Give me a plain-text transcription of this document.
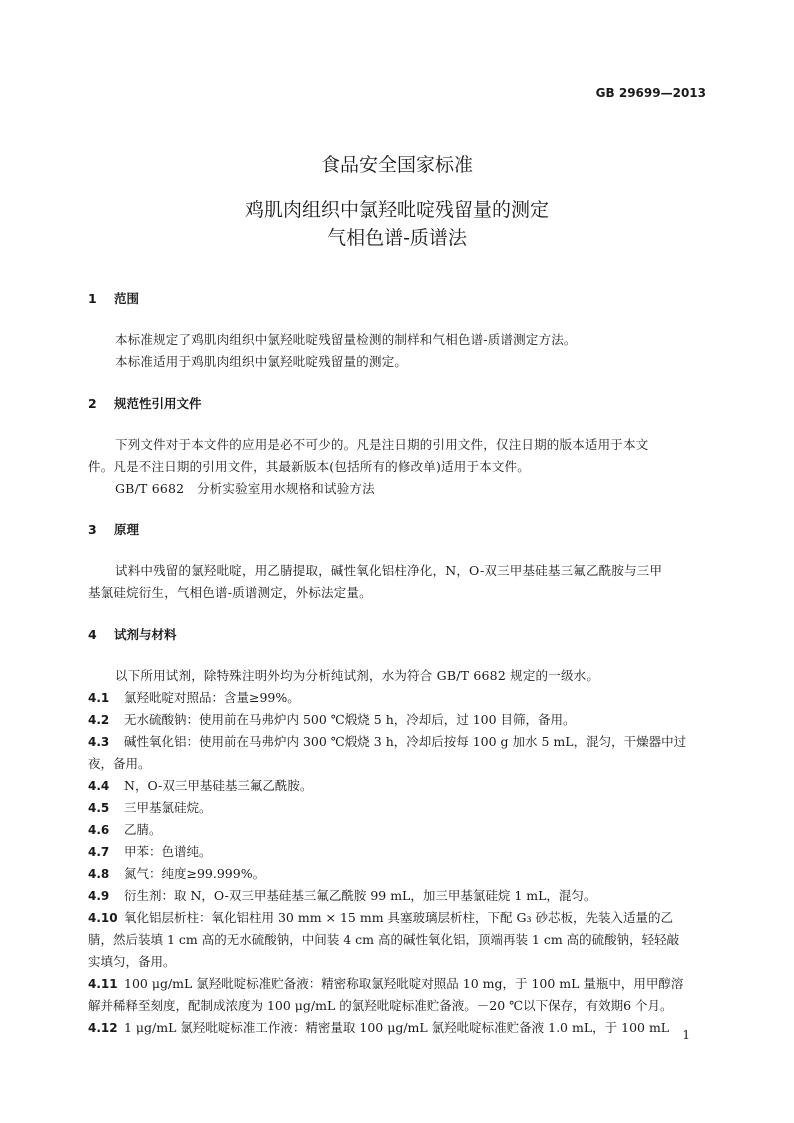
GB 29699—2013
食品安全国家标准
鸡肌肉组织中氯羟吡啶残留量的测定
气相色谱-质谱法
1 范围
本标准规定了鸡肌肉组织中氯羟吡啶残留量检测的制样和气相色谱-质谱测定方法。
本标准适用于鸡肌肉组织中氯羟吡啶残留量的测定。
2 规范性引用文件
下列文件对于本文件的应用是必不可少的。凡是注日期的引用文件，仅注日期的版本适用于本文
件。凡是不注日期的引用文件，其最新版本(包括所有的修改单)适用于本文件。
GB/T 6682　分析实验室用水规格和试验方法
3 原理
试料中残留的氯羟吡啶，用乙腈提取，碱性氧化铝柱净化，N，O-双三甲基硅基三氟乙酰胺与三甲
基氯硅烷衍生，气相色谱-质谱测定，外标法定量。
4 试剂与材料
以下所用试剂，除特殊注明外均为分析纯试剂，水为符合 GB/T 6682 规定的一级水。
4.1 氯羟吡啶对照品：含量≥99%。
4.2 无水硫酸钠：使用前在马弗炉内 500 ℃煅烧 5 h，冷却后，过 100 目筛，备用。
4.3 碱性氧化铝：使用前在马弗炉内 300 ℃煅烧 3 h，冷却后按每 100 g 加水 5 mL，混匀，干燥器中过
夜，备用。
4.4 N，O-双三甲基硅基三氟乙酰胺。
4.5 三甲基氯硅烷。
4.6 乙腈。
4.7 甲苯：色谱纯。
4.8 氮气：纯度≥99.999%。
4.9 衍生剂：取 N，O-双三甲基硅基三氟乙酰胺 99 mL，加三甲基氯硅烷 1 mL，混匀。
4.10 氧化铝层析柱：氧化铝柱用 30 mm × 15 mm 具塞玻璃层析柱，下配 G₃ 砂芯板，先装入适量的乙
腈，然后装填 1 cm 高的无水硫酸钠，中间装 4 cm 高的碱性氧化铝，顶端再装 1 cm 高的硫酸钠，轻轻敲
实填匀，备用。
4.11 100 μg/mL 氯羟吡啶标准贮备液：精密称取氯羟吡啶对照品 10 mg，于 100 mL 量瓶中，用甲醇溶
解并稀释至刻度，配制成浓度为 100 μg/mL 的氯羟吡啶标准贮备液。－20 ℃以下保存，有效期6 个月。
4.12 1 μg/mL 氯羟吡啶标准工作液：精密量取 100 μg/mL 氯羟吡啶标准贮备液 1.0 mL，于 100 mL 1
